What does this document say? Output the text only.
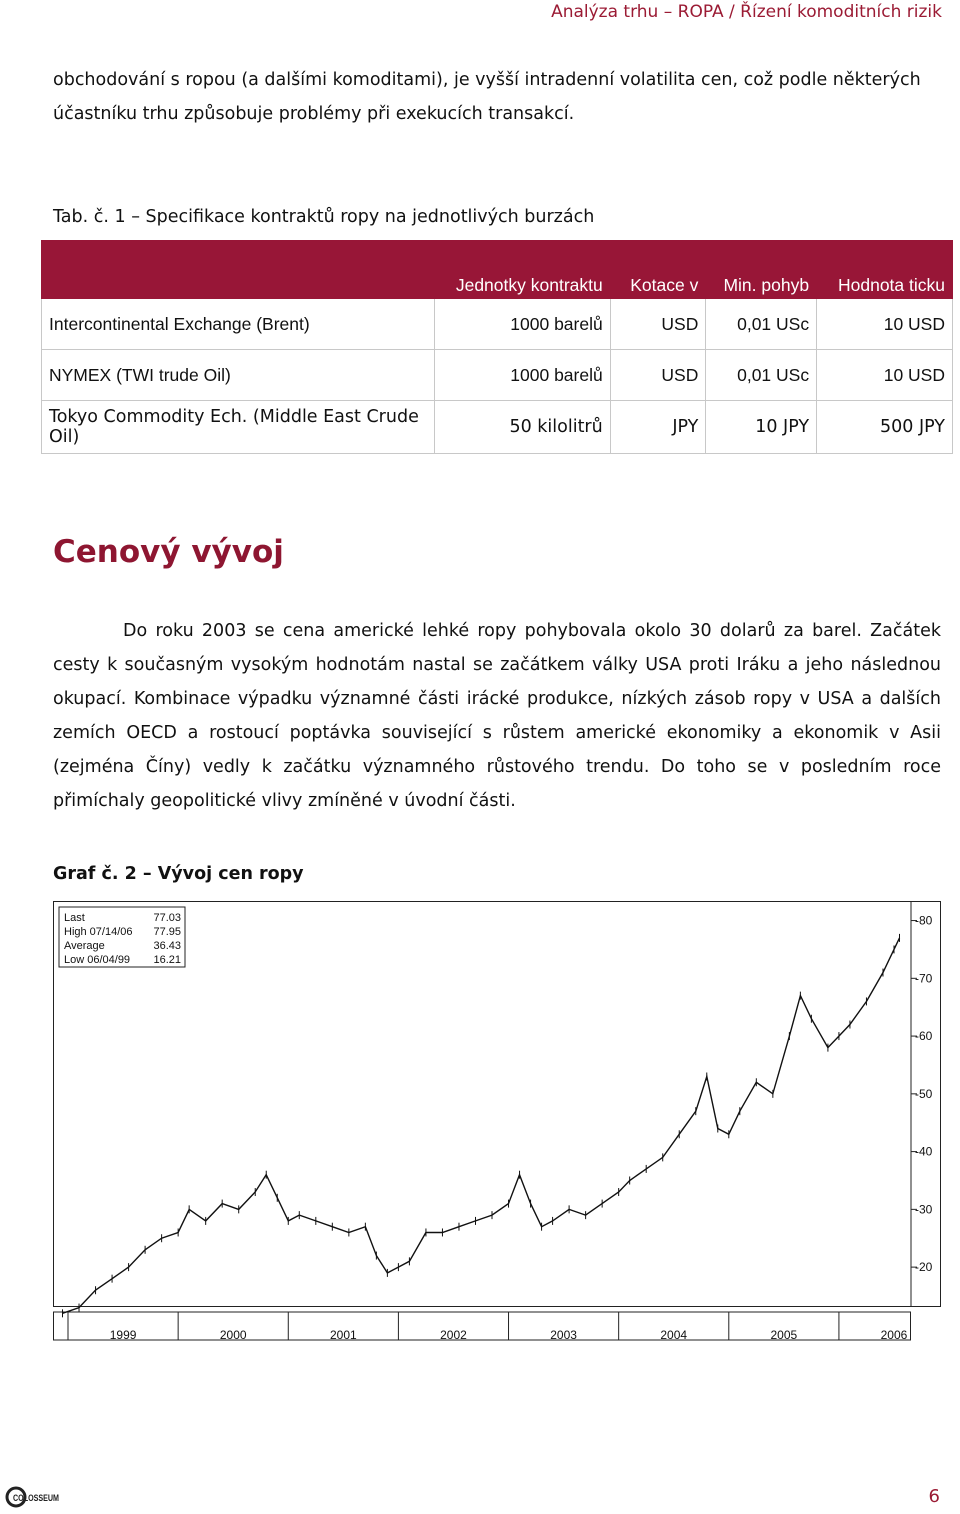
Analýza trhu – ROPA / Řízení komoditních rizik

obchodování s ropou (a dalšími komoditami), je vyšší intradenní volatilita cen, což podle některých účastníku trhu způsobuje problémy při exekucích transakcí.

Tab. č. 1 – Specifikace kontraktů ropy na jednotlivých burzách
	Jednotky kontraktu	Kotace v	Min. pohyb	Hodnota ticku
Intercontinental Exchange (Brent)	1000 barelů	USD	0,01 USc	10 USD
NYMEX (TWI trude Oil)	1000 barelů	USD	0,01 USc	10 USD
Tokyo Commodity Ech. (Middle East Crude Oil)	50 kilolitrů	JPY	10 JPY	500 JPY
Cenový vývoj

Do roku 2003 se cena americké lehké ropy pohybovala okolo 30 dolarů za barel. Začátek cesty k současným vysokým hodnotám nastal se začátkem války USA proti Iráku a jeho následnou okupací. Kombinace výpadku významné části irácké produkce, nízkých zásob ropy v USA a dalších zemích OECD a rostoucí poptávka související s růstem americké ekonomiky a ekonomik v Asii (zejména Číny) vedly k začátku významného růstového trendu. Do toho se v posledním roce přimíchaly geopolitické vlivy zmíněné v úvodní části.

Graf č. 2 – Vývoj cen ropy
Last	77.03
High 07/14/06 77.95
Average	36.43
Low 06/04/99 16.21
-20
-30
-40
-50
-60
-70
-80
1999	2000	2001	2002	2003	2004	2005	2006
COLOSSEUM	6
